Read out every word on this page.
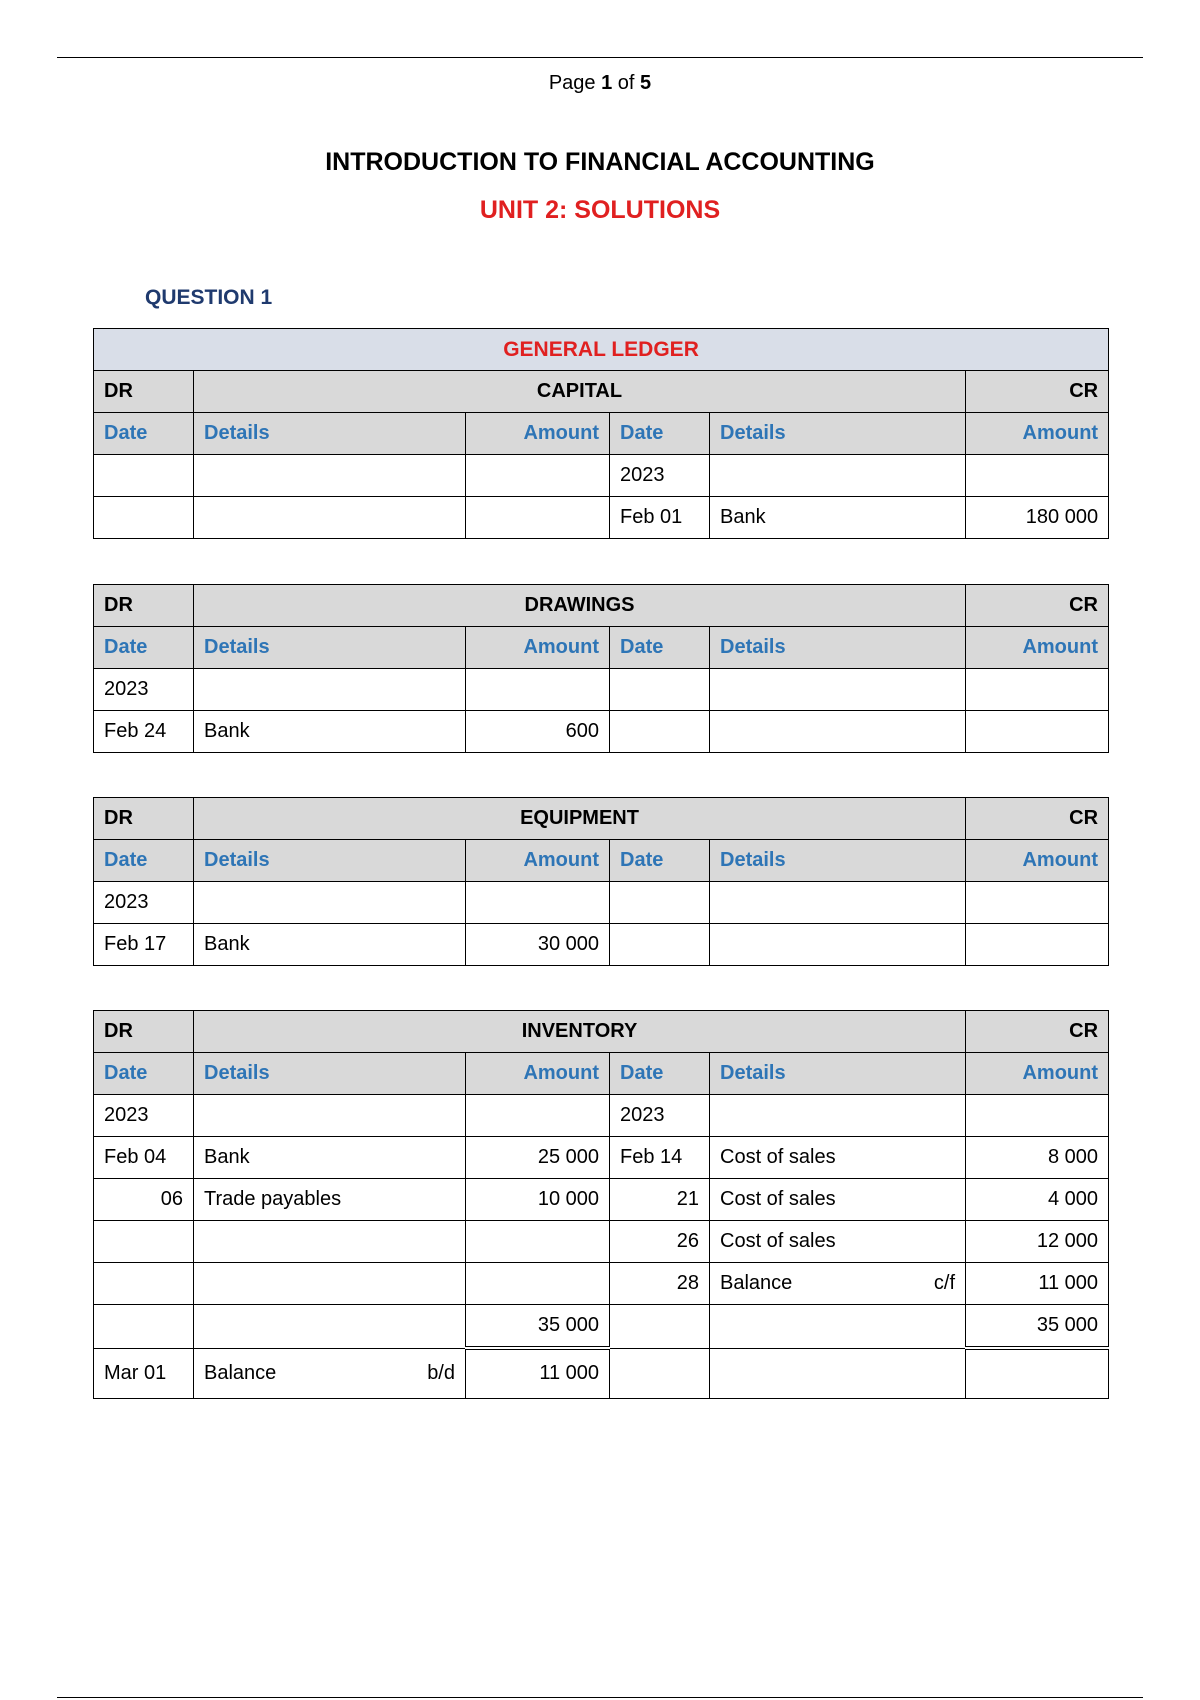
Page 1 of 5
INTRODUCTION TO FINANCIAL ACCOUNTING
UNIT 2: SOLUTIONS
QUESTION 1
GENERAL LEDGER					
DR	CAPITAL				CR
Date	Details	Amount	Date	Details	Amount
			2023		
			Feb 01	Bank	180 000
DR	DRAWINGS				CR
Date	Details	Amount	Date	Details	Amount
2023					
Feb 24	Bank	600			
DR	EQUIPMENT				CR
Date	Details	Amount	Date	Details	Amount
2023					
Feb 17	Bank	30 000			
DR	INVENTORY				CR
Date	Details	Amount	Date	Details	Amount
2023			2023		
Feb 04	Bank	25 000	Feb 14	Cost of sales	8 000
06	Trade payables	10 000	21	Cost of sales	4 000
			26	Cost of sales	12 000
			28	Balance c/f	11 000
		35 000			35 000
Mar 01	Balance b/d	11 000			
